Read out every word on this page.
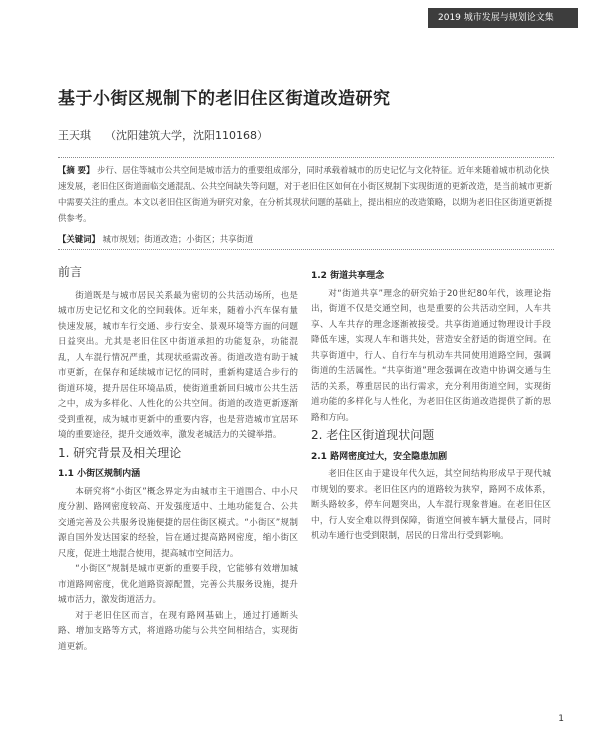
2019 城市发展与规划论文集
基于小街区规制下的老旧住区街道改造研究
王天琪 （沈阳建筑大学，沈阳110168）
【摘 要】 步行、居住等城市公共空间是城市活力的重要组成部分，同时承载着城市的历史记忆与文化特征。近年来随着城市机动化快速发展，老旧住区街道面临交通混乱、公共空间缺失等问题，对于老旧住区如何在小街区规制下实现街道的更新改造，是当前城市更新中需要关注的重点。本文以老旧住区街道为研究对象，在分析其现状问题的基础上，提出相应的改造策略，以期为老旧住区街道更新提供参考。
【关键词】 城市规划；街道改造；小街区；共享街道
前言

街道既是与城市居民关系最为密切的公共活动场所，也是城市历史记忆和文化的空间载体。近年来，随着小汽车保有量快速发展，城市车行交通、步行安全、景观环境等方面的问题日益突出。尤其是老旧住区中街道承担的功能复杂，功能混乱，人车混行情况严重，其现状亟需改善。街道改造有助于城市更新，在保存和延续城市记忆的同时，重新构建适合步行的街道环境，提升居住环境品质，使街道重新回归城市公共生活之中，成为多样化、人性化的公共空间。街道的改造更新逐渐受到重视，成为城市更新中的重要内容，也是营造城市宜居环境的重要途径，提升交通效率，激发老城活力的关键举措。

1. 研究背景及相关理论
1.1 小街区规制内涵

本研究将“小街区”概念界定为由城市主干道围合、中小尺度分割、路网密度较高、开发强度适中、土地功能复合、公共交通完善及公共服务设施便捷的居住街区模式。“小街区”规制源自国外发达国家的经验，旨在通过提高路网密度，缩小街区尺度，促进土地混合使用，提高城市空间活力。

“小街区”规制是城市更新的重要手段，它能够有效增加城市道路网密度，优化道路资源配置，完善公共服务设施，提升城市活力，激发街道活力。

对于老旧住区而言，在现有路网基础上，通过打通断头路、增加支路等方式，将道路功能与公共空间相结合，实现街道更新。

1.2 街道共享理念

对“街道共享”理念的研究始于20世纪80年代，该理论指出，街道不仅是交通空间，也是重要的公共活动空间，人车共享、人车共存的理念逐渐被接受。共享街道通过物理设计手段降低车速，实现人车和谐共处，营造安全舒适的街道空间。在共享街道中，行人、自行车与机动车共同使用道路空间，强调街道的生活属性。“共享街道”理念强调在改造中协调交通与生活的关系，尊重居民的出行需求，充分利用街道空间，实现街道功能的多样化与人性化，为老旧住区街道改造提供了新的思路和方向。

2. 老住区街道现状问题
2.1 路网密度过大，安全隐患加剧

老旧住区由于建设年代久远，其空间结构形成早于现代城市规划的要求。老旧住区内的道路较为狭窄，路网不成体系，断头路较多，停车问题突出，人车混行现象普遍。在老旧住区中，行人安全难以得到保障，街道空间被车辆大量侵占，同时机动车通行也受到限制，居民的日常出行受到影响。

1
